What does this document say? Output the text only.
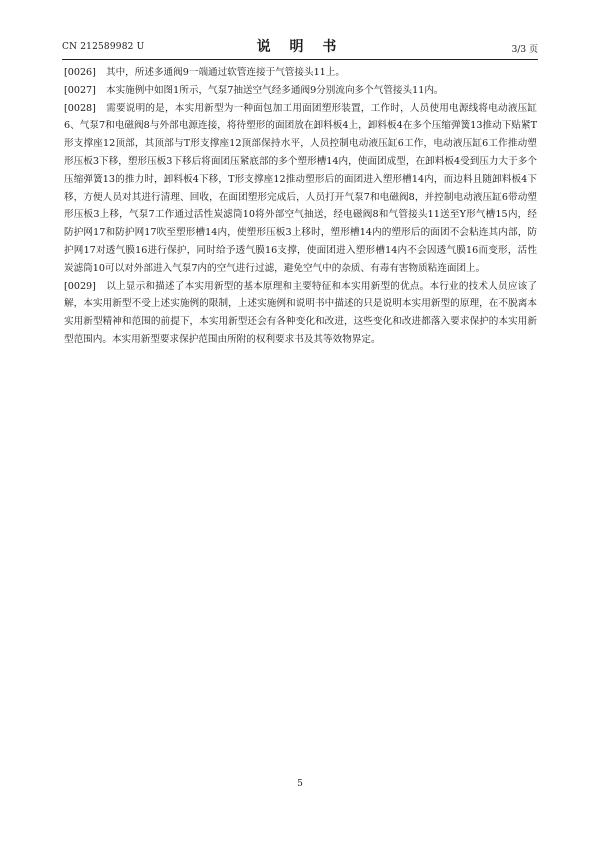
CN 212589982 U	说 明 书	3/3 页

[0026] 其中，所述多通阀9一端通过软管连接于气管接头11上。

[0027] 本实施例中如图1所示，气泵7抽送空气经多通阀9分别流向多个气管接头11内。

[0028] 需要说明的是，本实用新型为一种面包加工用面团塑形装置，工作时，人员使用电源线将电动液压缸6、气泵7和电磁阀8与外部电源连接，将待塑形的面团放在卸料板4上，卸料板4在多个压缩弹簧13推动下贴紧T形支撑座12顶部，其顶部与T形支撑座12顶部保持水平，人员控制电动液压缸6工作，电动液压缸6工作推动塑形压板3下移，塑形压板3下移后将面团压紧底部的多个塑形槽14内，使面团成型，在卸料板4受到压力大于多个压缩弹簧13的推力时，卸料板4下移，T形支撑座12推动塑形后的面团进入塑形槽14内，而边料且随卸料板4下移，方便人员对其进行清理、回收，在面团塑形完成后，人员打开气泵7和电磁阀8，并控制电动液压缸6带动塑形压板3上移，气泵7工作通过活性炭滤筒10将外部空气抽送，经电磁阀8和气管接头11送至Y形气槽15内，经防护网17和防护网17吹至塑形槽14内，使塑形压板3上移时，塑形槽14内的塑形后的面团不会粘连其内部，防护网17对透气膜16进行保护，同时给予透气膜16支撑，使面团进入塑形槽14内不会因透气膜16而变形，活性炭滤筒10可以对外部进入气泵7内的空气进行过滤，避免空气中的杂质、有毒有害物质粘连面团上。

[0029] 以上显示和描述了本实用新型的基本原理和主要特征和本实用新型的优点。本行业的技术人员应该了解，本实用新型不受上述实施例的限制，上述实施例和说明书中描述的只是说明本实用新型的原理，在不脱离本实用新型精神和范围的前提下，本实用新型还会有各种变化和改进，这些变化和改进都落入要求保护的本实用新型范围内。本实用新型要求保护范围由所附的权利要求书及其等效物界定。

5
